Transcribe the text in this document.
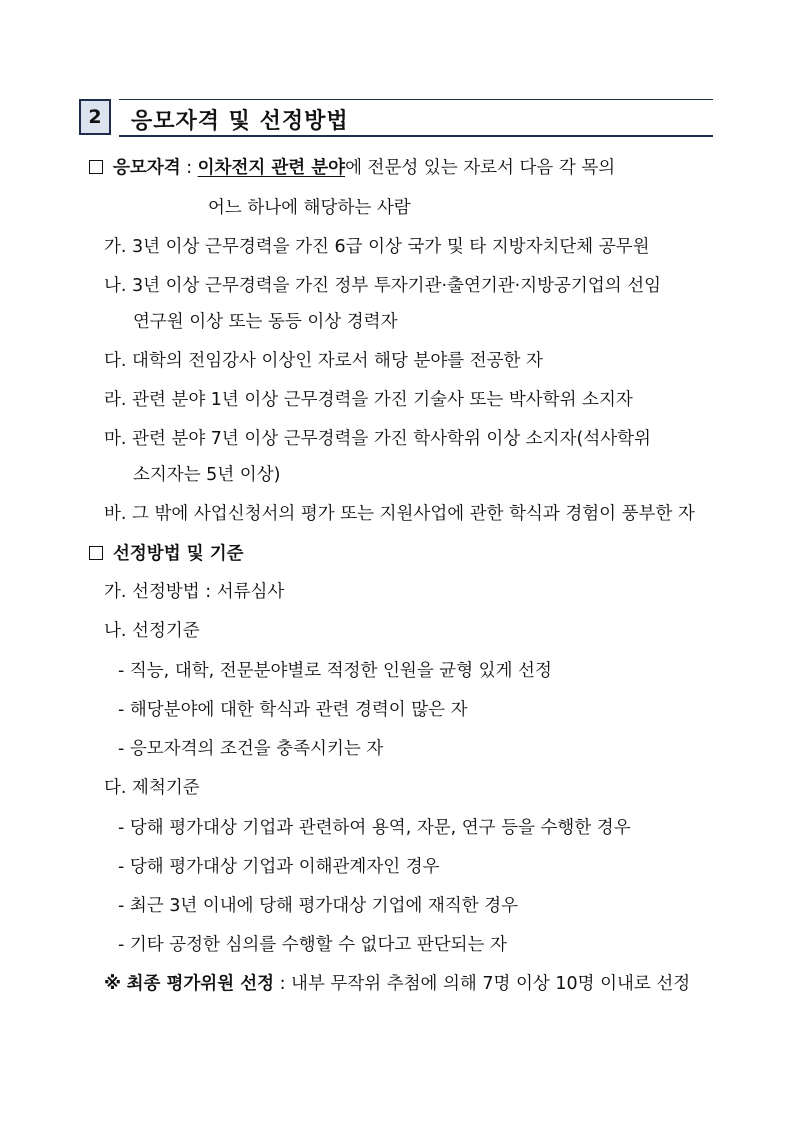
2	응모자격 및 선정방법
응모자격 : 이차전지 관련 분야에 전문성 있는 자로서 다음 각 목의
어느 하나에 해당하는 사람
가. 3년 이상 근무경력을 가진 6급 이상 국가 및 타 지방자치단체 공무원
나. 3년 이상 근무경력을 가진 정부 투자기관·출연기관·지방공기업의 선임
연구원 이상 또는 동등 이상 경력자
다. 대학의 전임강사 이상인 자로서 해당 분야를 전공한 자
라. 관련 분야 1년 이상 근무경력을 가진 기술사 또는 박사학위 소지자
마. 관련 분야 7년 이상 근무경력을 가진 학사학위 이상 소지자(석사학위
소지자는 5년 이상)
바. 그 밖에 사업신청서의 평가 또는 지원사업에 관한 학식과 경험이 풍부한 자
선정방법 및 기준
가. 선정방법 : 서류심사
나. 선정기준
- 직능, 대학, 전문분야별로 적정한 인원을 균형 있게 선정
- 해당분야에 대한 학식과 관련 경력이 많은 자
- 응모자격의 조건을 충족시키는 자
다. 제척기준
- 당해 평가대상 기업과 관련하여 용역, 자문, 연구 등을 수행한 경우
- 당해 평가대상 기업과 이해관계자인 경우
- 최근 3년 이내에 당해 평가대상 기업에 재직한 경우
- 기타 공정한 심의를 수행할 수 없다고 판단되는 자
※ 최종 평가위원 선정 : 내부 무작위 추첨에 의해 7명 이상 10명 이내로 선정
